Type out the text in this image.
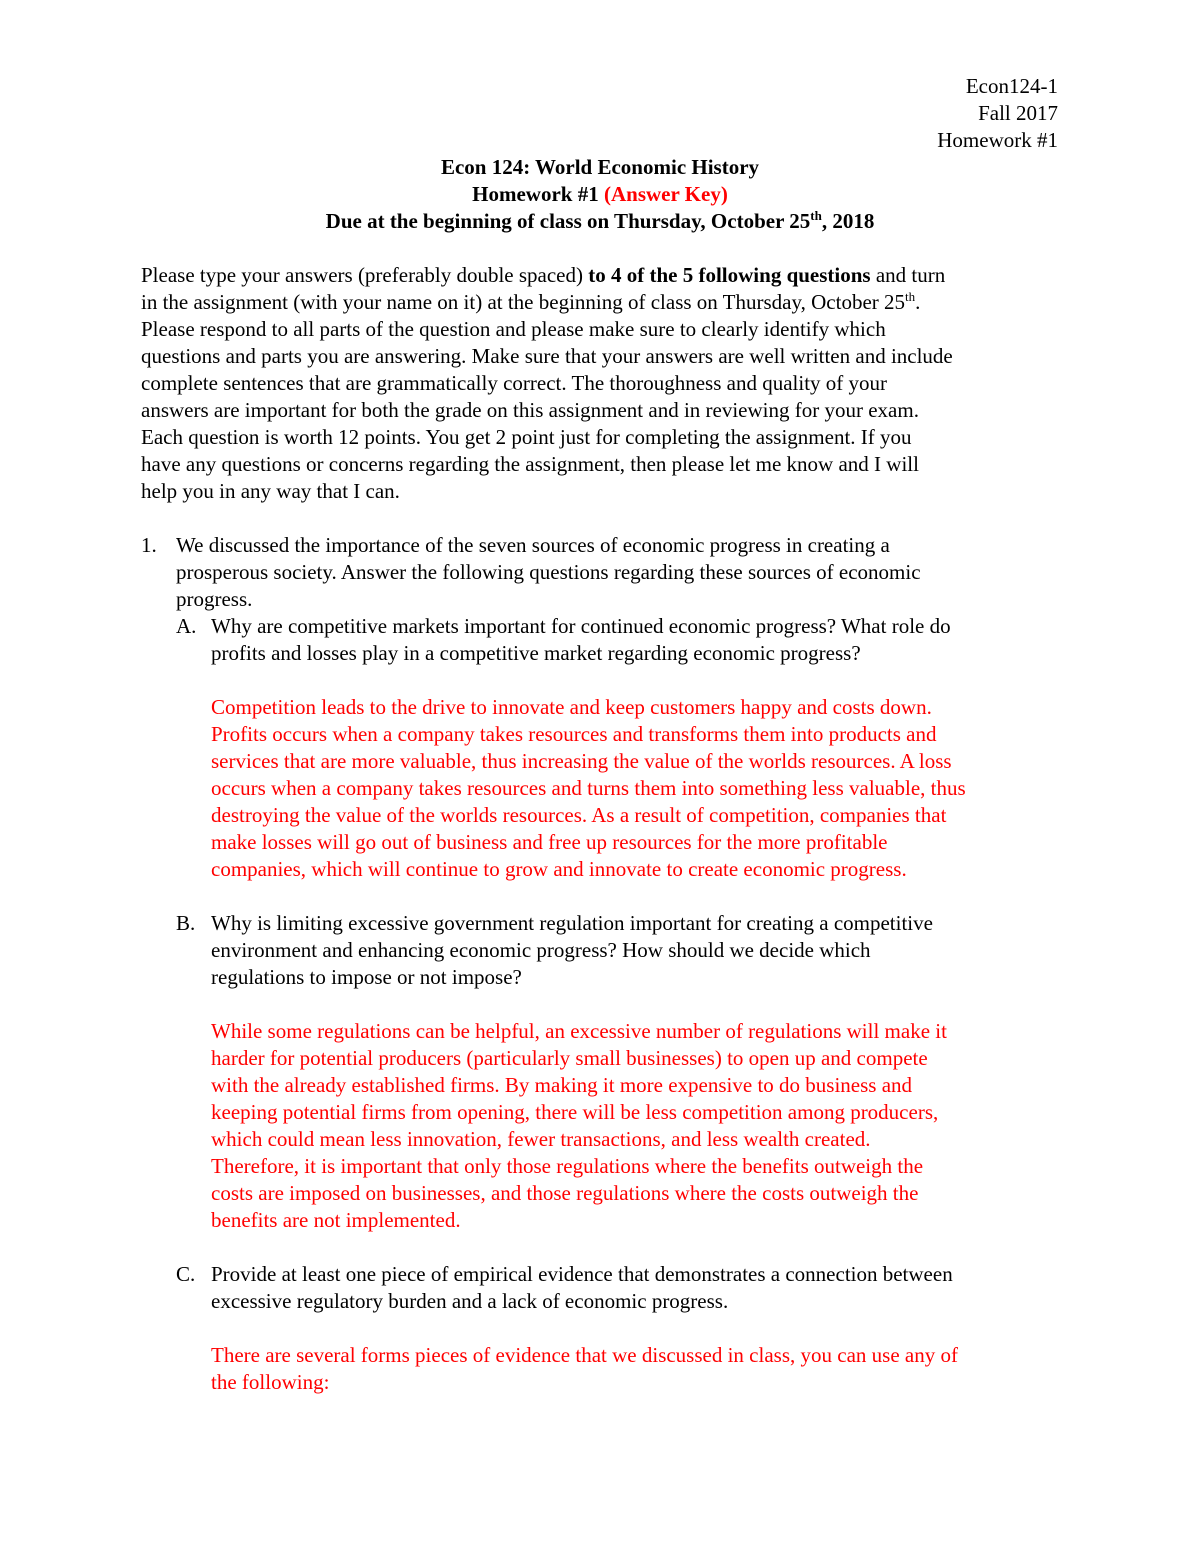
Econ124-1
Fall 2017
Homework #1
Econ 124: World Economic History
Homework #1 (Answer Key)
Due at the beginning of class on Thursday, October 25th, 2018

Please type your answers (preferably double spaced) to 4 of the 5 following questions and turn

in the assignment (with your name on it) at the beginning of class on Thursday, October 25th.

Please respond to all parts of the question and please make sure to clearly identify which

questions and parts you are answering. Make sure that your answers are well written and include

complete sentences that are grammatically correct. The thoroughness and quality of your

answers are important for both the grade on this assignment and in reviewing for your exam.

Each question is worth 12 points. You get 2 point just for completing the assignment. If you

have any questions or concerns regarding the assignment, then please let me know and I will

help you in any way that I can.

1. We discussed the importance of the seven sources of economic progress in creating a

prosperous society. Answer the following questions regarding these sources of economic

progress.

A. Why are competitive markets important for continued economic progress? What role do

profits and losses play in a competitive market regarding economic progress?

Competition leads to the drive to innovate and keep customers happy and costs down.

Profits occurs when a company takes resources and transforms them into products and

services that are more valuable, thus increasing the value of the worlds resources. A loss

occurs when a company takes resources and turns them into something less valuable, thus

destroying the value of the worlds resources. As a result of competition, companies that

make losses will go out of business and free up resources for the more profitable

companies, which will continue to grow and innovate to create economic progress.

B. Why is limiting excessive government regulation important for creating a competitive

environment and enhancing economic progress? How should we decide which

regulations to impose or not impose?

While some regulations can be helpful, an excessive number of regulations will make it

harder for potential producers (particularly small businesses) to open up and compete

with the already established firms. By making it more expensive to do business and

keeping potential firms from opening, there will be less competition among producers,

which could mean less innovation, fewer transactions, and less wealth created.

Therefore, it is important that only those regulations where the benefits outweigh the

costs are imposed on businesses, and those regulations where the costs outweigh the

benefits are not implemented.

C. Provide at least one piece of empirical evidence that demonstrates a connection between

excessive regulatory burden and a lack of economic progress.

There are several forms pieces of evidence that we discussed in class, you can use any of

the following:
